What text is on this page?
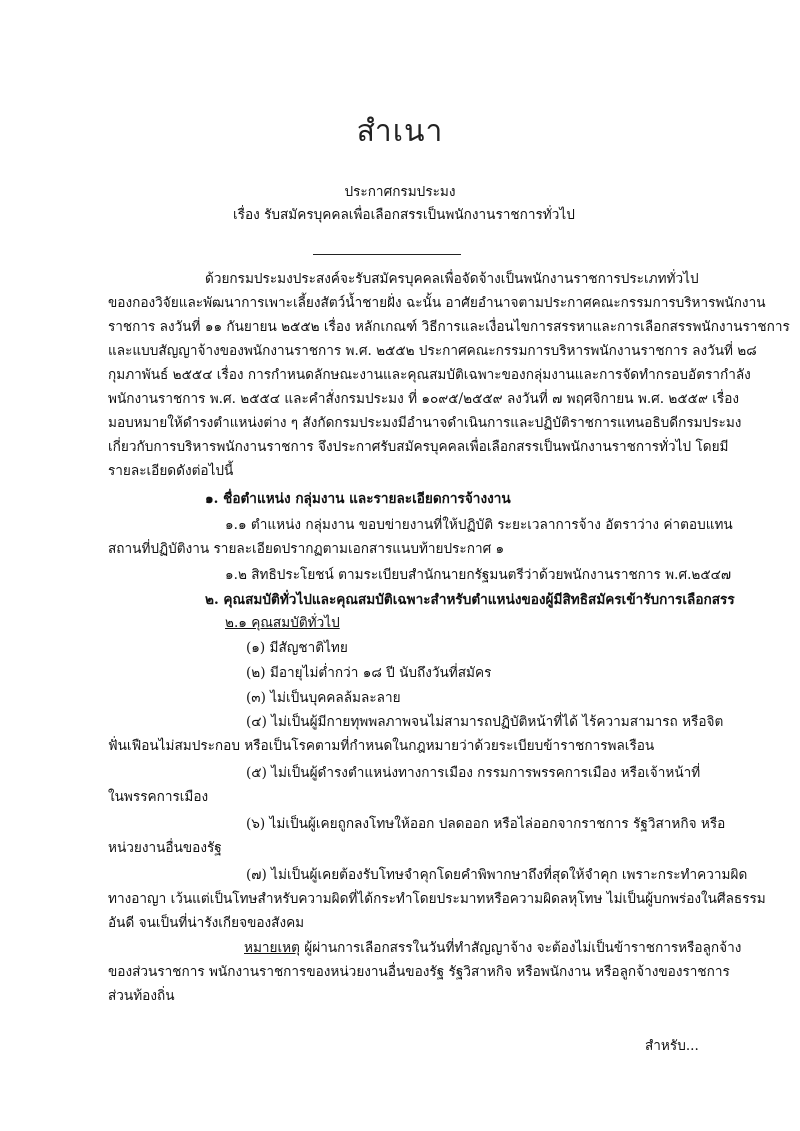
สำเนา
ประกาศกรมประมง
เรื่อง รับสมัครบุคคลเพื่อเลือกสรรเป็นพนักงานราชการทั่วไป
ด้วยกรมประมงประสงค์จะรับสมัครบุคคลเพื่อจัดจ้างเป็นพนักงานราชการประเภททั่วไป
ของกองวิจัยและพัฒนาการเพาะเลี้ยงสัตว์น้ำชายฝั่ง ฉะนั้น อาศัยอำนาจตามประกาศคณะกรรมการบริหารพนักงาน
ราชการ ลงวันที่ ๑๑ กันยายน ๒๕๕๒ เรื่อง หลักเกณฑ์ วิธีการและเงื่อนไขการสรรหาและการเลือกสรรพนักงานราชการ
และแบบสัญญาจ้างของพนักงานราชการ พ.ศ. ๒๕๕๒ ประกาศคณะกรรมการบริหารพนักงานราชการ ลงวันที่ ๒๘
กุมภาพันธ์ ๒๕๕๔ เรื่อง การกำหนดลักษณะงานและคุณสมบัติเฉพาะของกลุ่มงานและการจัดทำกรอบอัตรากำลัง
พนักงานราชการ พ.ศ. ๒๕๕๔ และคำสั่งกรมประมง ที่ ๑๐๙๕/๒๕๕๙ ลงวันที่ ๗ พฤศจิกายน พ.ศ. ๒๕๕๙ เรื่อง
มอบหมายให้ดำรงตำแหน่งต่าง ๆ สังกัดกรมประมงมีอำนาจดำเนินการและปฏิบัติราชการแทนอธิบดีกรมประมง
เกี่ยวกับการบริหารพนักงานราชการ จึงประกาศรับสมัครบุคคลเพื่อเลือกสรรเป็นพนักงานราชการทั่วไป โดยมี
รายละเอียดดังต่อไปนี้
๑. ชื่อตำแหน่ง กลุ่มงาน และรายละเอียดการจ้างงาน
๑.๑ ตำแหน่ง กลุ่มงาน ขอบข่ายงานที่ให้ปฏิบัติ ระยะเวลาการจ้าง อัตราว่าง ค่าตอบแทน
สถานที่ปฏิบัติงาน รายละเอียดปรากฏตามเอกสารแนบท้ายประกาศ ๑
๑.๒ สิทธิประโยชน์ ตามระเบียบสำนักนายกรัฐมนตรีว่าด้วยพนักงานราชการ พ.ศ.๒๕๔๗
๒. คุณสมบัติทั่วไปและคุณสมบัติเฉพาะสำหรับตำแหน่งของผู้มีสิทธิสมัครเข้ารับการเลือกสรร
๒.๑ คุณสมบัติทั่วไป
(๑) มีสัญชาติไทย
(๒) มีอายุไม่ต่ำกว่า ๑๘ ปี นับถึงวันที่สมัคร
(๓) ไม่เป็นบุคคลล้มละลาย
(๔) ไม่เป็นผู้มีกายทุพพลภาพจนไม่สามารถปฏิบัติหน้าที่ได้ ไร้ความสามารถ หรือจิต
ฟั่นเฟือนไม่สมประกอบ หรือเป็นโรคตามที่กำหนดในกฎหมายว่าด้วยระเบียบข้าราชการพลเรือน
(๕) ไม่เป็นผู้ดำรงตำแหน่งทางการเมือง กรรมการพรรคการเมือง หรือเจ้าหน้าที่
ในพรรคการเมือง
(๖) ไม่เป็นผู้เคยถูกลงโทษให้ออก ปลดออก หรือไล่ออกจากราชการ รัฐวิสาหกิจ หรือ
หน่วยงานอื่นของรัฐ
(๗) ไม่เป็นผู้เคยต้องรับโทษจำคุกโดยคำพิพากษาถึงที่สุดให้จำคุก เพราะกระทำความผิด
ทางอาญา เว้นแต่เป็นโทษสำหรับความผิดที่ได้กระทำโดยประมาทหรือความผิดลหุโทษ ไม่เป็นผู้บกพร่องในศีลธรรม
อันดี จนเป็นที่น่ารังเกียจของสังคม
หมายเหตุ ผู้ผ่านการเลือกสรรในวันที่ทำสัญญาจ้าง จะต้องไม่เป็นข้าราชการหรือลูกจ้าง
ของส่วนราชการ พนักงานราชการของหน่วยงานอื่นของรัฐ รัฐวิสาหกิจ หรือพนักงาน หรือลูกจ้างของราชการ
ส่วนท้องถิ่น
สำหรับ...
